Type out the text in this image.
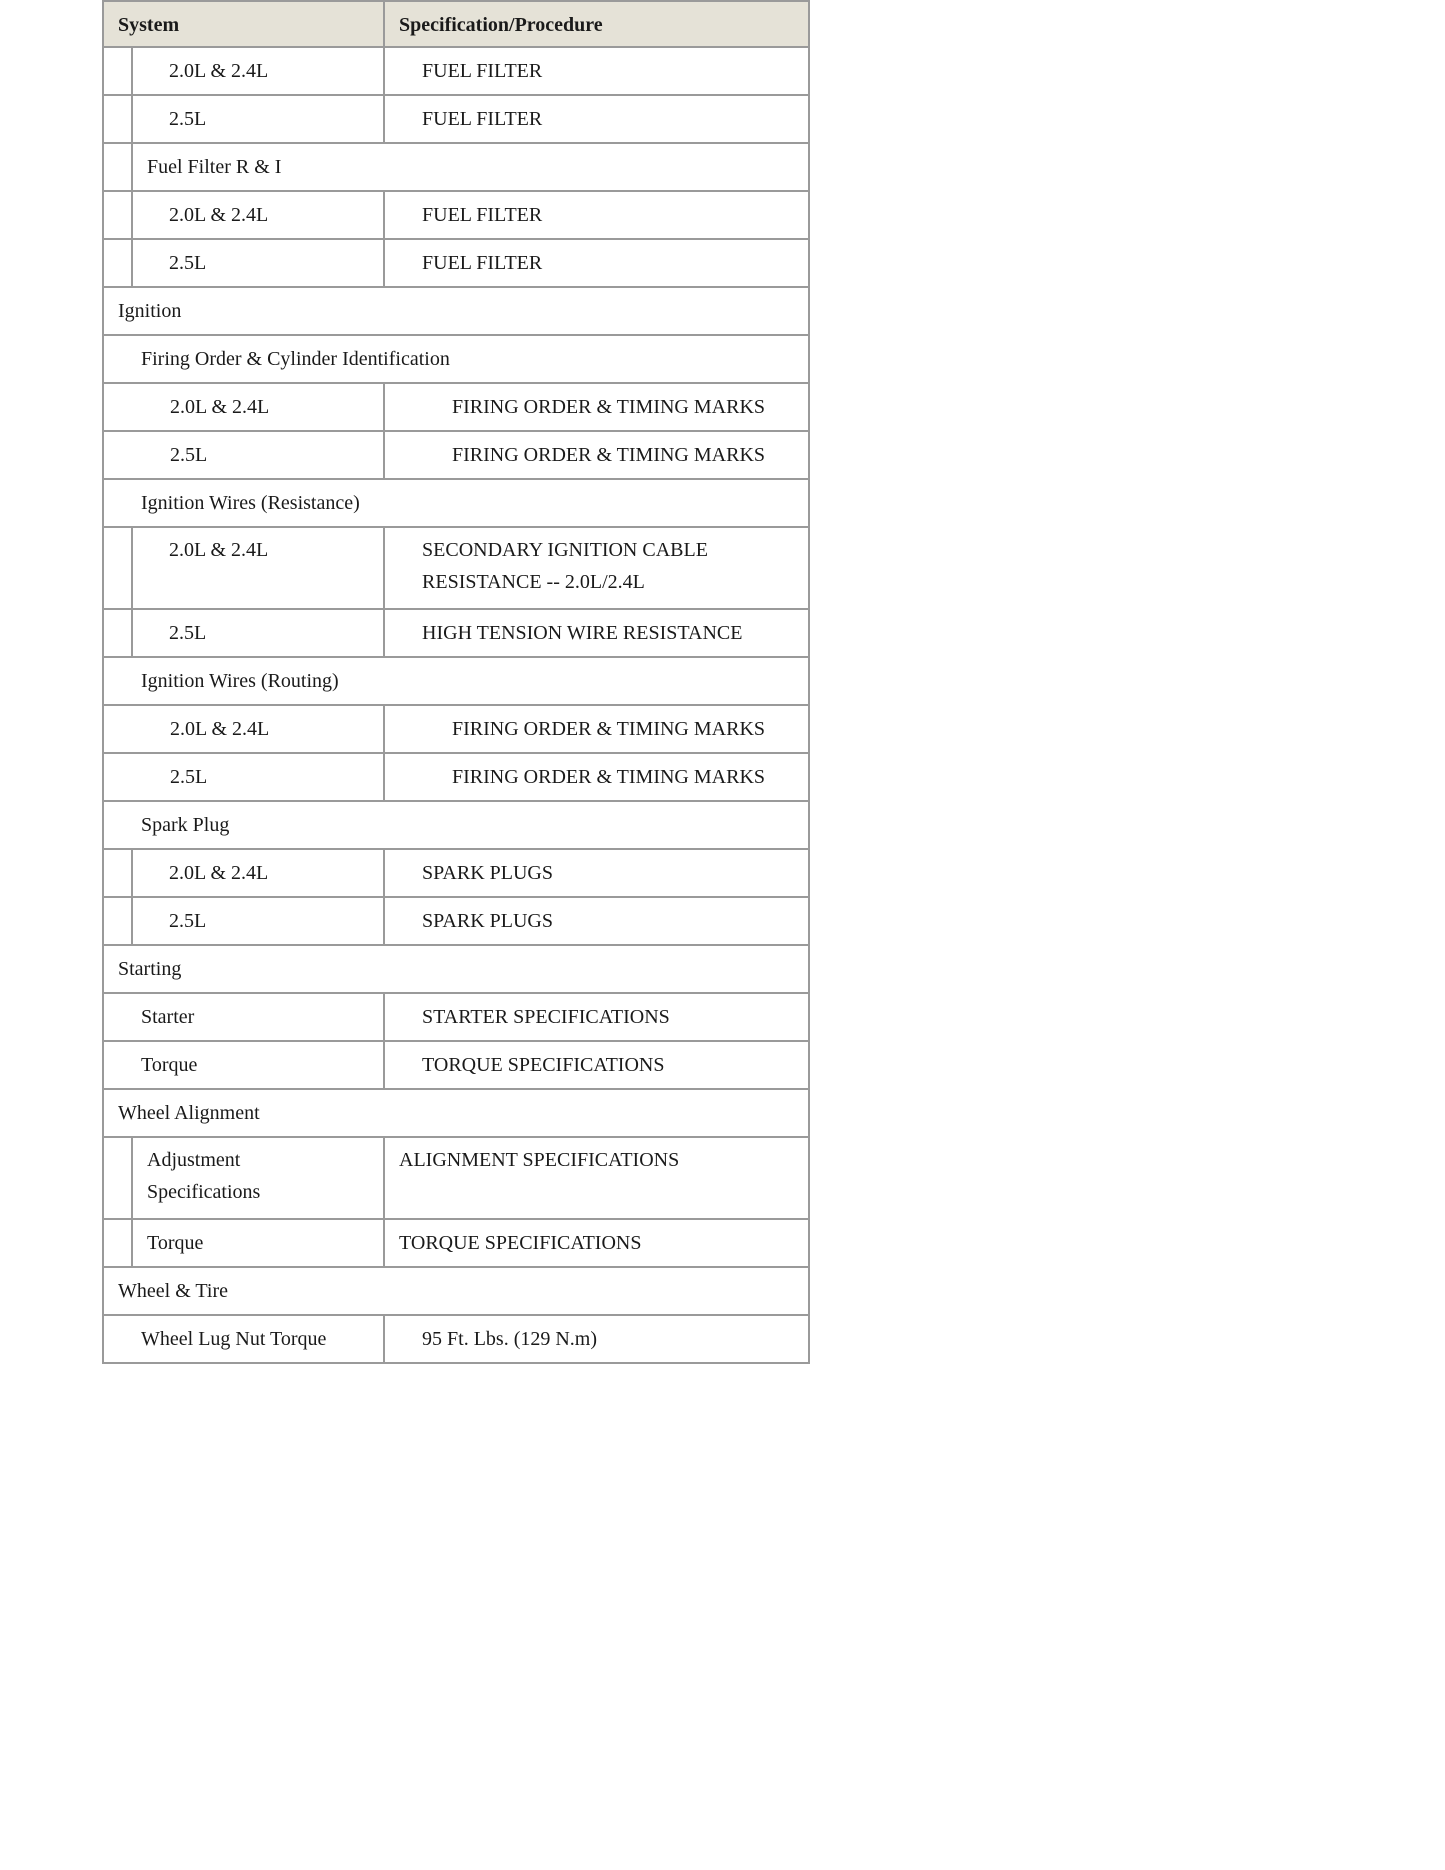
System		Specification/Procedure
	2.0L & 2.4L	FUEL FILTER
	2.5L	FUEL FILTER
	Fuel Filter R & I	
	2.0L & 2.4L	FUEL FILTER
	2.5L	FUEL FILTER
Ignition		
Firing Order & Cylinder Identification		
2.0L & 2.4L		FIRING ORDER & TIMING MARKS
2.5L		FIRING ORDER & TIMING MARKS
Ignition Wires (Resistance)		

	2.0L & 2.4L	SECONDARY IGNITION CABLE RESISTANCE -- 2.0L/2.4L

	2.5L	HIGH TENSION WIRE RESISTANCE
Ignition Wires (Routing)		
2.0L & 2.4L		FIRING ORDER & TIMING MARKS
2.5L		FIRING ORDER & TIMING MARKS
Spark Plug		
	2.0L & 2.4L	SPARK PLUGS
	2.5L	SPARK PLUGS
Starting		
Starter		STARTER SPECIFICATIONS
Torque		TORQUE SPECIFICATIONS
Wheel Alignment		

	Adjustment Specifications	ALIGNMENT SPECIFICATIONS

	Torque	TORQUE SPECIFICATIONS
Wheel & Tire		
Wheel Lug Nut Torque		95 Ft. Lbs. (129 N.m)
